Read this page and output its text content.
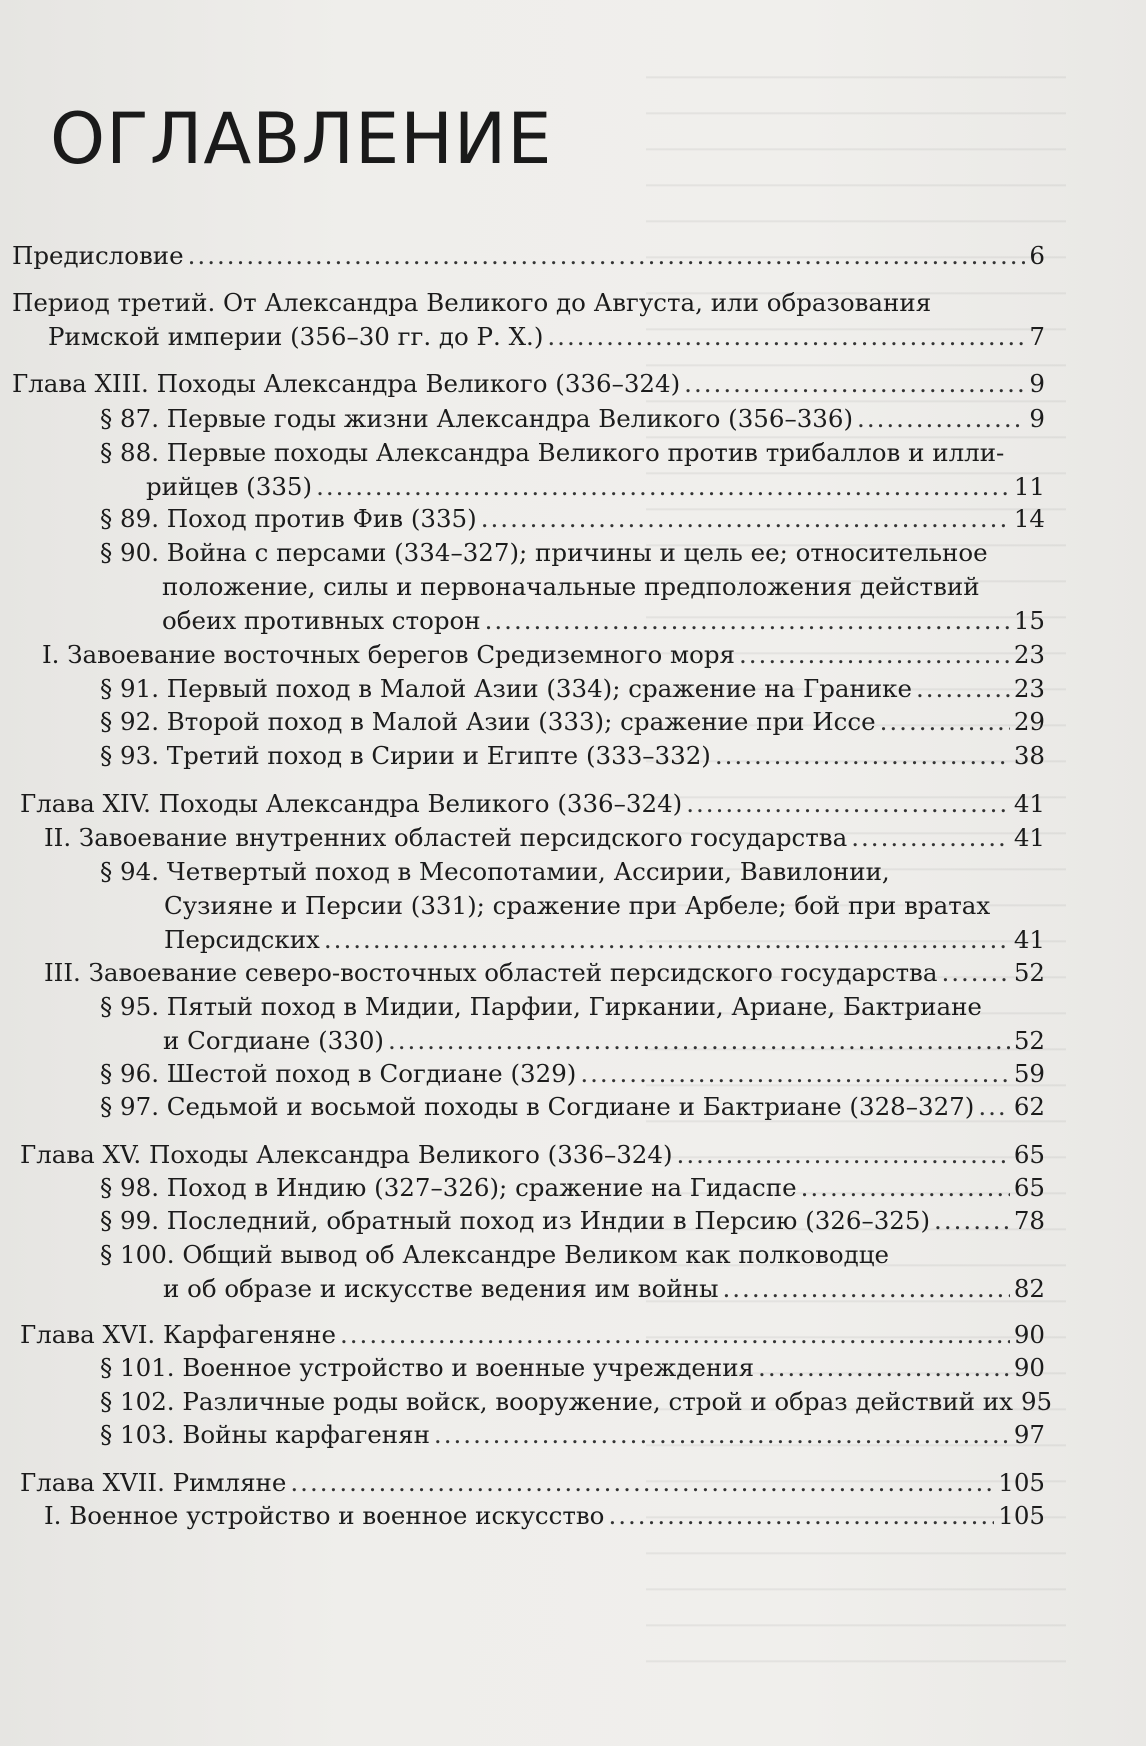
ОГЛАВЛЕНИЕ
Предисловие .....	6
Период третий. От Александра Великого до Августа, или образования
Римской империи (356–30 гг. до Р. Х.) .....	7
Глава XIII. Походы Александра Великого (336–324) .....	9
§ 87. Первые годы жизни Александра Великого (356–336) .....	9
§ 88. Первые походы Александра Великого против трибаллов и илли-
рийцев (335) .....	11
§ 89. Поход против Фив (335) .....	14
§ 90. Война с персами (334–327); причины и цель ее; относительное
положение, силы и первоначальные предположения действий
обеих противных сторон .....	15
I. Завоевание восточных берегов Средиземного моря .....	23
§ 91. Первый поход в Малой Азии (334); сражение на Гранике .....	23
§ 92. Второй поход в Малой Азии (333); сражение при Иссе .....	29
§ 93. Третий поход в Сирии и Египте (333–332) .....	38
Глава XIV. Походы Александра Великого (336–324) .....	41
II. Завоевание внутренних областей персидского государства .....	41
§ 94. Четвертый поход в Месопотамии, Ассирии, Вавилонии,
Сузияне и Персии (331); сражение при Арбеле; бой при вратах
Персидских .....	41
III. Завоевание северо-восточных областей персидского государства .....	52
§ 95. Пятый поход в Мидии, Парфии, Гиркании, Ариане, Бактриане
и Согдиане (330) .....	52
§ 96. Шестой поход в Согдиане (329) .....	59
§ 97. Седьмой и восьмой походы в Согдиане и Бактриане (328–327) ..... 62
Глава XV. Походы Александра Великого (336–324) .....	65
§ 98. Поход в Индию (327–326); сражение на Гидаспе .....	65
§ 99. Последний, обратный поход из Индии в Персию (326–325) .....	78
§ 100. Общий вывод об Александре Великом как полководце
и об образе и искусстве ведения им войны .....	82
Глава XVI. Карфагеняне .....	90
§ 101. Военное устройство и военные учреждения .....	90
§ 102. Различные роды войск, вооружение, строй и образ действий их 95
§ 103. Войны карфагенян .....	97
Глава XVII. Римляне .....	105
I. Военное устройство и военное искусство .....	105
